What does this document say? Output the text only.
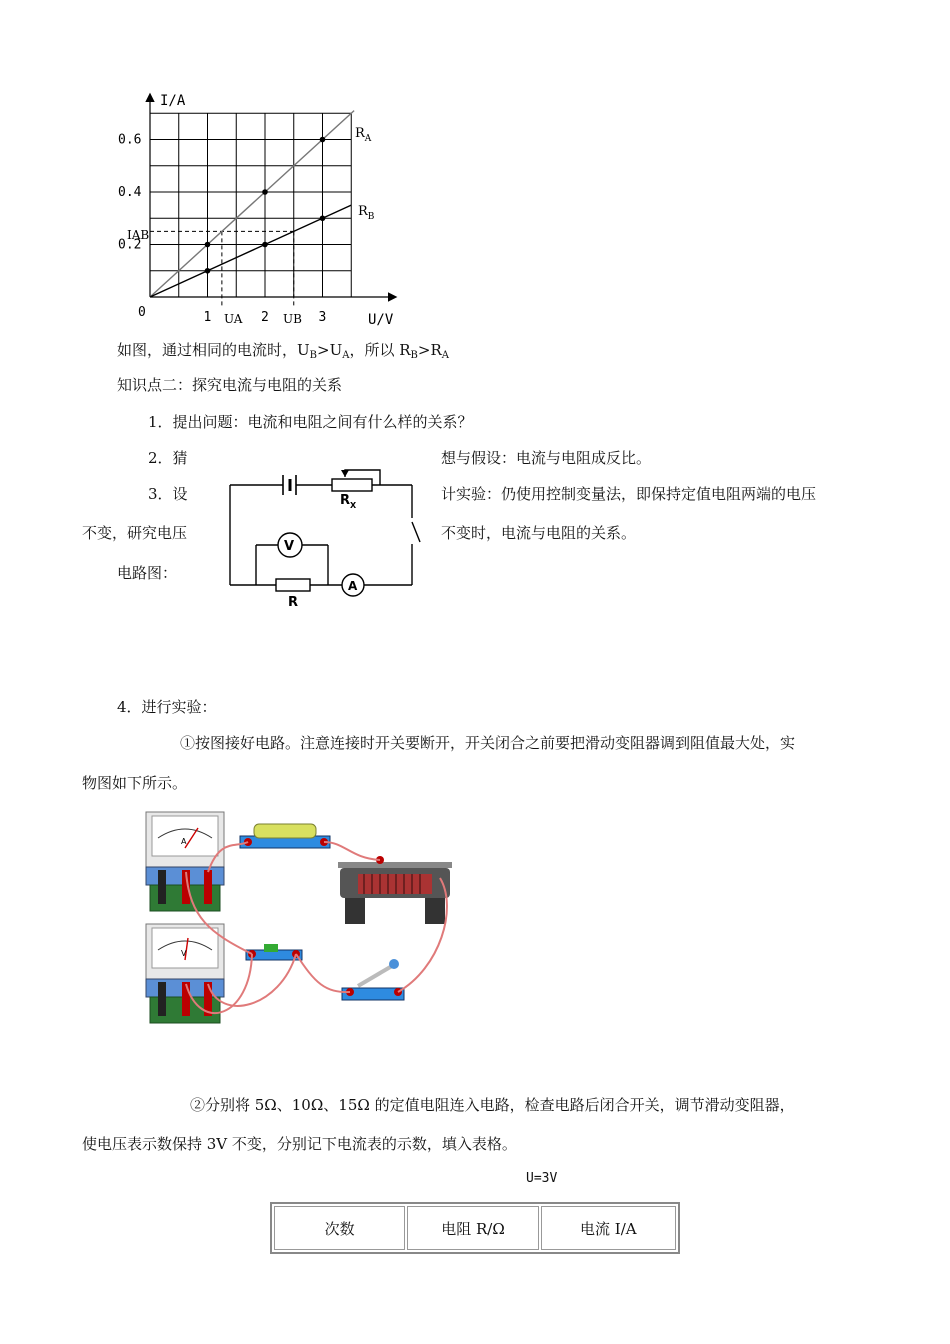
I/A
U/V
0	1	2	3
0.2
0.4
0.6
IAB
UA	UB
$R_A$
$R_B$
如图，通过相同的电流时，$U_B>U_A$，所以 $R_B>R_A$
知识点二：探究电流与电阻的关系
1．提出问题：电流和电阻之间有什么样的关系？
2．猜	想与假设：电流与电阻成反比。
3．设	计实验：仍使用控制变量法，即保持定值电阻两端的电压
不变，研究电压	不变时，电流与电阻的关系。
电路图：
V
A
$R_X$
R
4．进行实验：
①按图接好电路。注意连接时开关要断开，开关闭合之前要把滑动变阻器调到阻值最大处，实
物图如下所示。
A
V
②分别将 5Ω、10Ω、15Ω 的定值电阻连入电路，检查电路后闭合开关，调节滑动变阻器，
使电压表示数保持 3V 不变，分别记下电流表的示数，填入表格。
U=3V
次数	电阻 R/Ω	电流 I/A
